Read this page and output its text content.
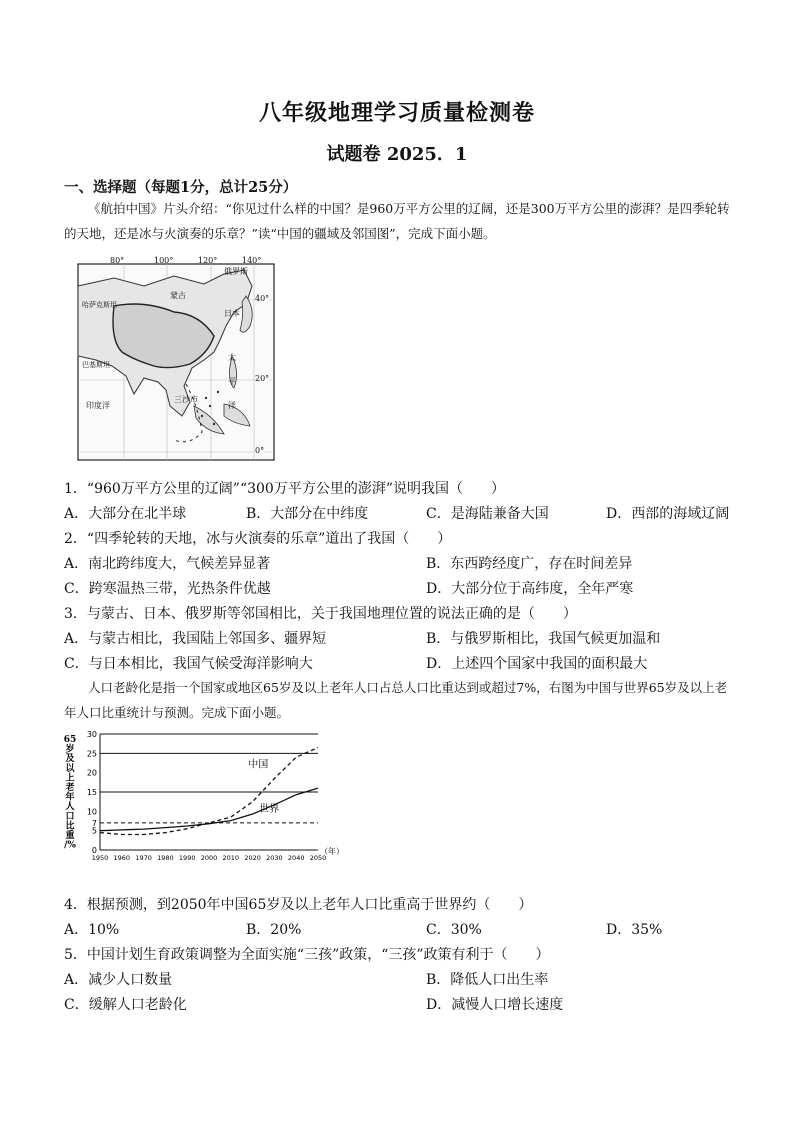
八年级地理学习质量检测卷
试题卷 2025．1
一、选择题（每题1分，总计25分）
《航拍中国》片头介绍：“你见过什么样的中国？是960万平方公里的辽阔，还是300万平方公里的澎湃？是四季轮转的天地，还是冰与火演奏的乐章？”读“中国的疆域及邻国图”，完成下面小题。
80°	100°	120°	140°
40°
20°
0°
蒙古
俄罗斯
日本
哈萨克斯坦
巴基斯坦
印度洋
三沙市
太
平
洋
1．“960万平方公里的辽阔”“300万平方公里的澎湃”说明我国（　　）
A．大部分在北半球	B．大部分在中纬度	C．是海陆兼备大国	D．西部的海域辽阔
2．“四季轮转的天地，冰与火演奏的乐章”道出了我国（　　）
A．南北跨纬度大，气候差异显著	B．东西跨经度广，存在时间差异
C．跨寒温热三带，光热条件优越	D．大部分位于高纬度，全年严寒
3．与蒙古、日本、俄罗斯等邻国相比，关于我国地理位置的说法正确的是（　　）
A．与蒙古相比，我国陆上邻国多、疆界短	B．与俄罗斯相比，我国气候更加温和
C．与日本相比，我国气候受海洋影响大	D．上述四个国家中我国的面积最大
人口老龄化是指一个国家或地区65岁及以上老年人口占总人口比重达到或超过7%，右图为中国与世界65岁及以上老年人口比重统计与预测。完成下面小题。
0
5
7
10
15
20
25
30
1950 1960 1970 1980 1990 2000 2010 2020 2030 2040 2050
（年）
65 岁及以上老年人口比重/%
中国
世界
4．根据预测，到2050年中国65岁及以上老年人口比重高于世界约（　　）
A．10%	B．20%	C．30%	D．35%
5．中国计划生育政策调整为全面实施“三孩”政策，“三孩”政策有利于（　　）
A．减少人口数量	B．降低人口出生率
C．缓解人口老龄化	D．减慢人口增长速度
